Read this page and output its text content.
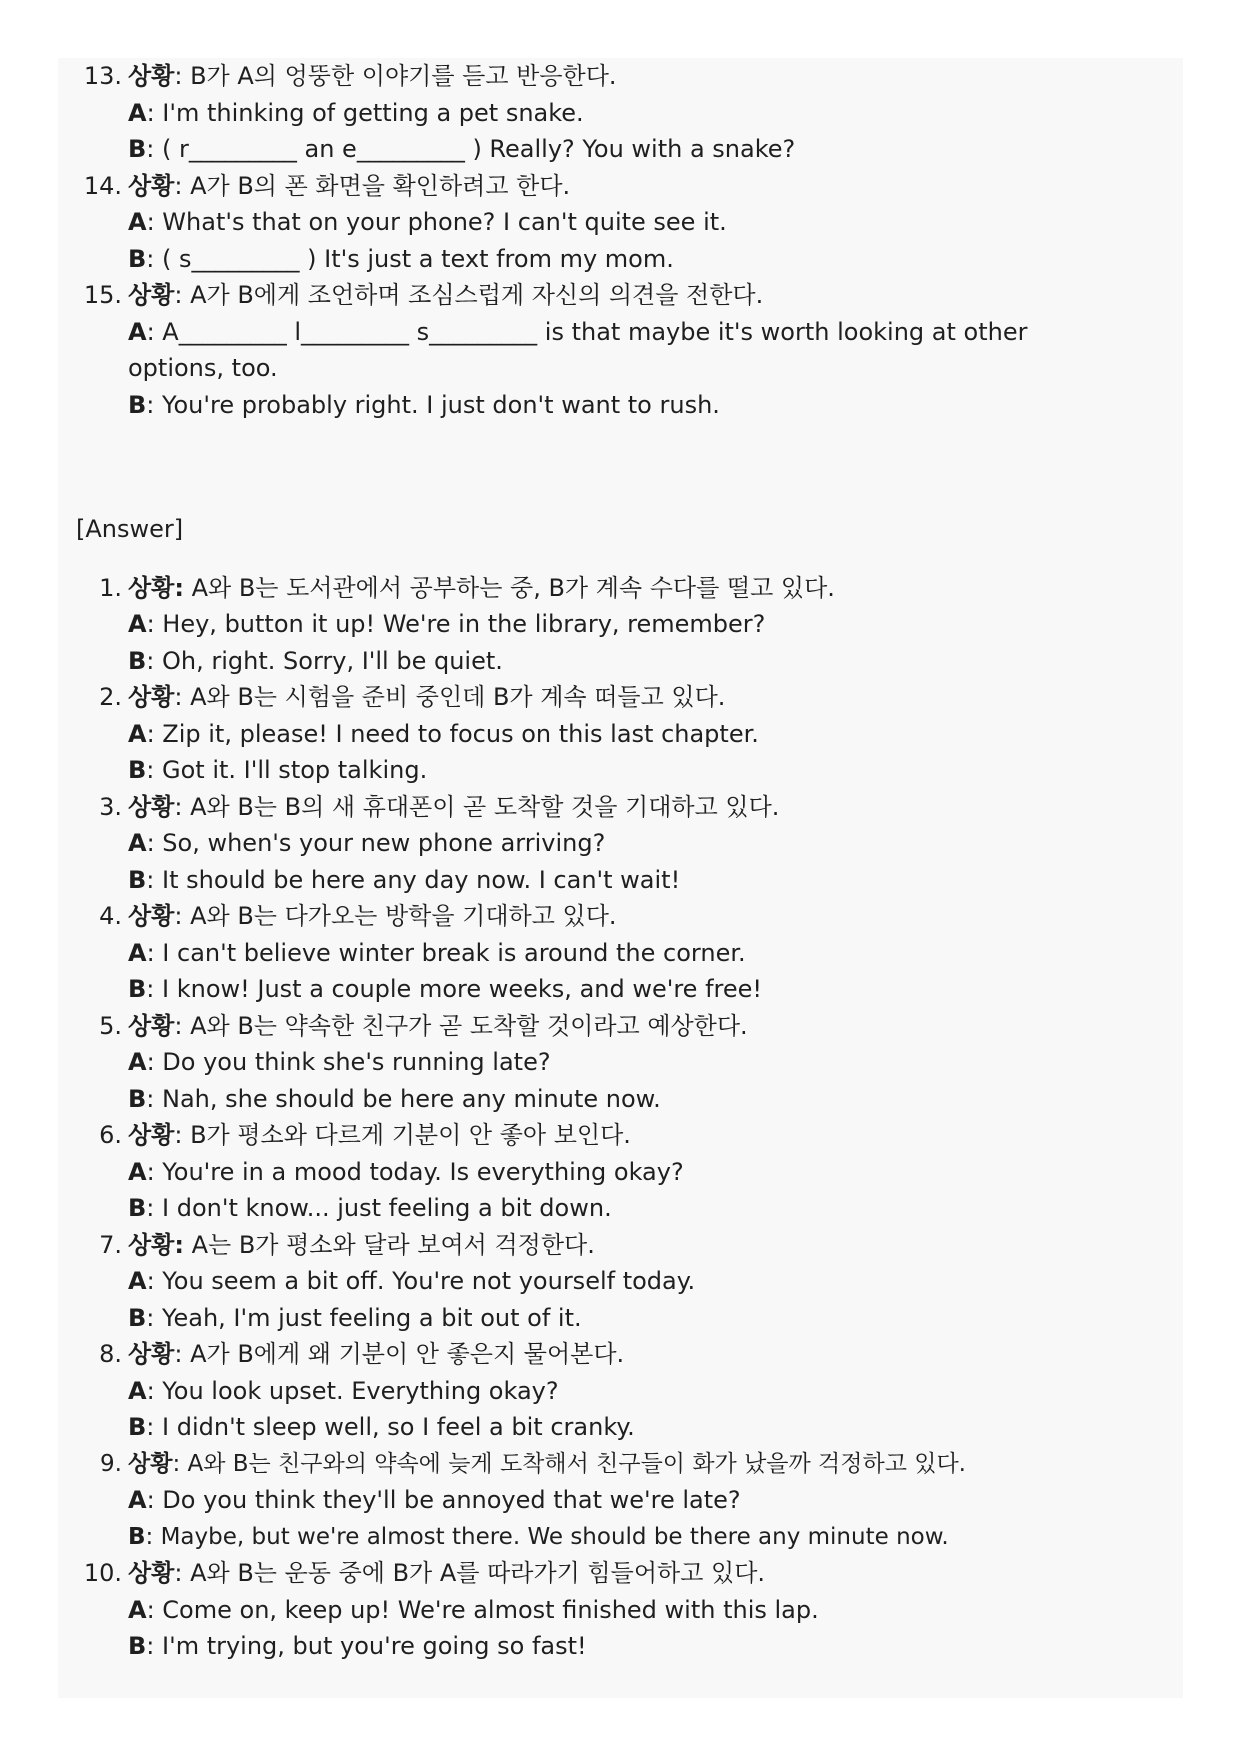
13. 상황: B가 A의 엉뚱한 이야기를 듣고 반응한다.
A: I'm thinking of getting a pet snake.
B: ( r_________ an e_________ ) Really? You with a snake?
14. 상황: A가 B의 폰 화면을 확인하려고 한다.
A: What's that on your phone? I can't quite see it.
B: ( s_________ ) It's just a text from my mom.
15. 상황: A가 B에게 조언하며 조심스럽게 자신의 의견을 전한다.
A: A_________ l_________ s_________ is that maybe it's worth looking at other options, too.
B: You're probably right. I just don't want to rush.
[Answer]
1. 상황: A와 B는 도서관에서 공부하는 중, B가 계속 수다를 떨고 있다.
A: Hey, button it up! We're in the library, remember?
B: Oh, right. Sorry, I'll be quiet.
2. 상황: A와 B는 시험을 준비 중인데 B가 계속 떠들고 있다.
A: Zip it, please! I need to focus on this last chapter.
B: Got it. I'll stop talking.
3. 상황: A와 B는 B의 새 휴대폰이 곧 도착할 것을 기대하고 있다.
A: So, when's your new phone arriving?
B: It should be here any day now. I can't wait!
4. 상황: A와 B는 다가오는 방학을 기대하고 있다.
A: I can't believe winter break is around the corner.
B: I know! Just a couple more weeks, and we're free!
5. 상황: A와 B는 약속한 친구가 곧 도착할 것이라고 예상한다.
A: Do you think she's running late?
B: Nah, she should be here any minute now.
6. 상황: B가 평소와 다르게 기분이 안 좋아 보인다.
A: You're in a mood today. Is everything okay?
B: I don't know... just feeling a bit down.
7. 상황: A는 B가 평소와 달라 보여서 걱정한다.
A: You seem a bit off. You're not yourself today.
B: Yeah, I'm just feeling a bit out of it.
8. 상황: A가 B에게 왜 기분이 안 좋은지 물어본다.
A: You look upset. Everything okay?
B: I didn't sleep well, so I feel a bit cranky.
9. 상황: A와 B는 친구와의 약속에 늦게 도착해서 친구들이 화가 났을까 걱정하고 있다.
A: Do you think they'll be annoyed that we're late?
B: Maybe, but we're almost there. We should be there any minute now.
10. 상황: A와 B는 운동 중에 B가 A를 따라가기 힘들어하고 있다.
A: Come on, keep up! We're almost finished with this lap.
B: I'm trying, but you're going so fast!
